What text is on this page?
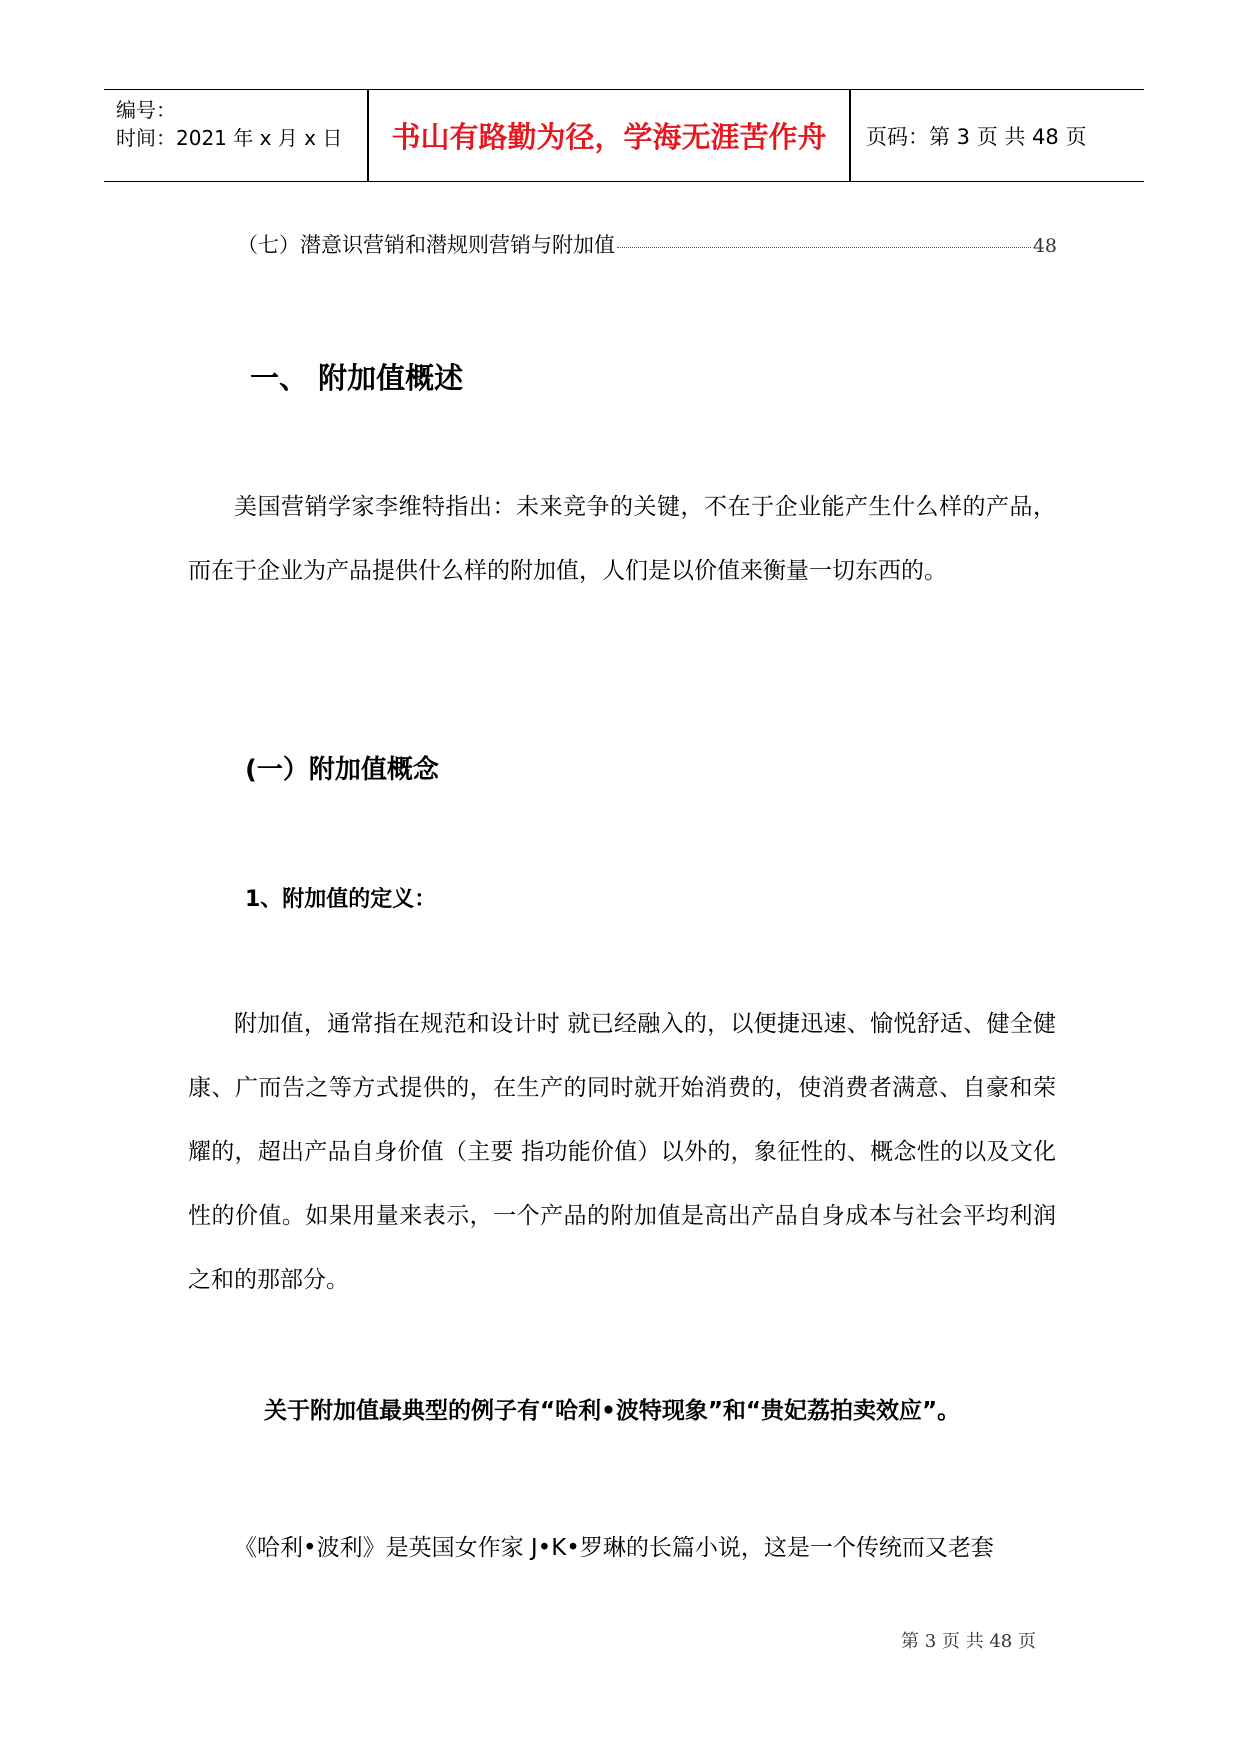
编号：
时间：2021 年 x 月 x 日	书山有路勤为径，学海无涯苦作舟	页码：第 3 页 共 48 页
（七）潜意识营销和潜规则营销与附加值	48
一、 附加值概述
美国营销学家李维特指出：未来竞争的关键，不在于企业能产生什么样的产品，而在于企业为产品提供什么样的附加值，人们是以价值来衡量一切东西的。
(一）附加值概念
1、附加值的定义：
附加值，通常指在规范和设计时 就已经融入的，以便捷迅速、愉悦舒适、健全健康、广而告之等方式提供的，在生产的同时就开始消费的，使消费者满意、自豪和荣耀的，超出产品自身价值（主要 指功能价值）以外的，象征性的、概念性的以及文化性的价值。如果用量来表示，一个产品的附加值是高出产品自身成本与社会平均利润之和的那部分。
关于附加值最典型的例子有“哈利•波特现象”和“贵妃荔拍卖效应”。
《哈利•波利》是英国女作家 J•K•罗琳的长篇小说，这是一个传统而又老套
第 3 页 共 48 页
